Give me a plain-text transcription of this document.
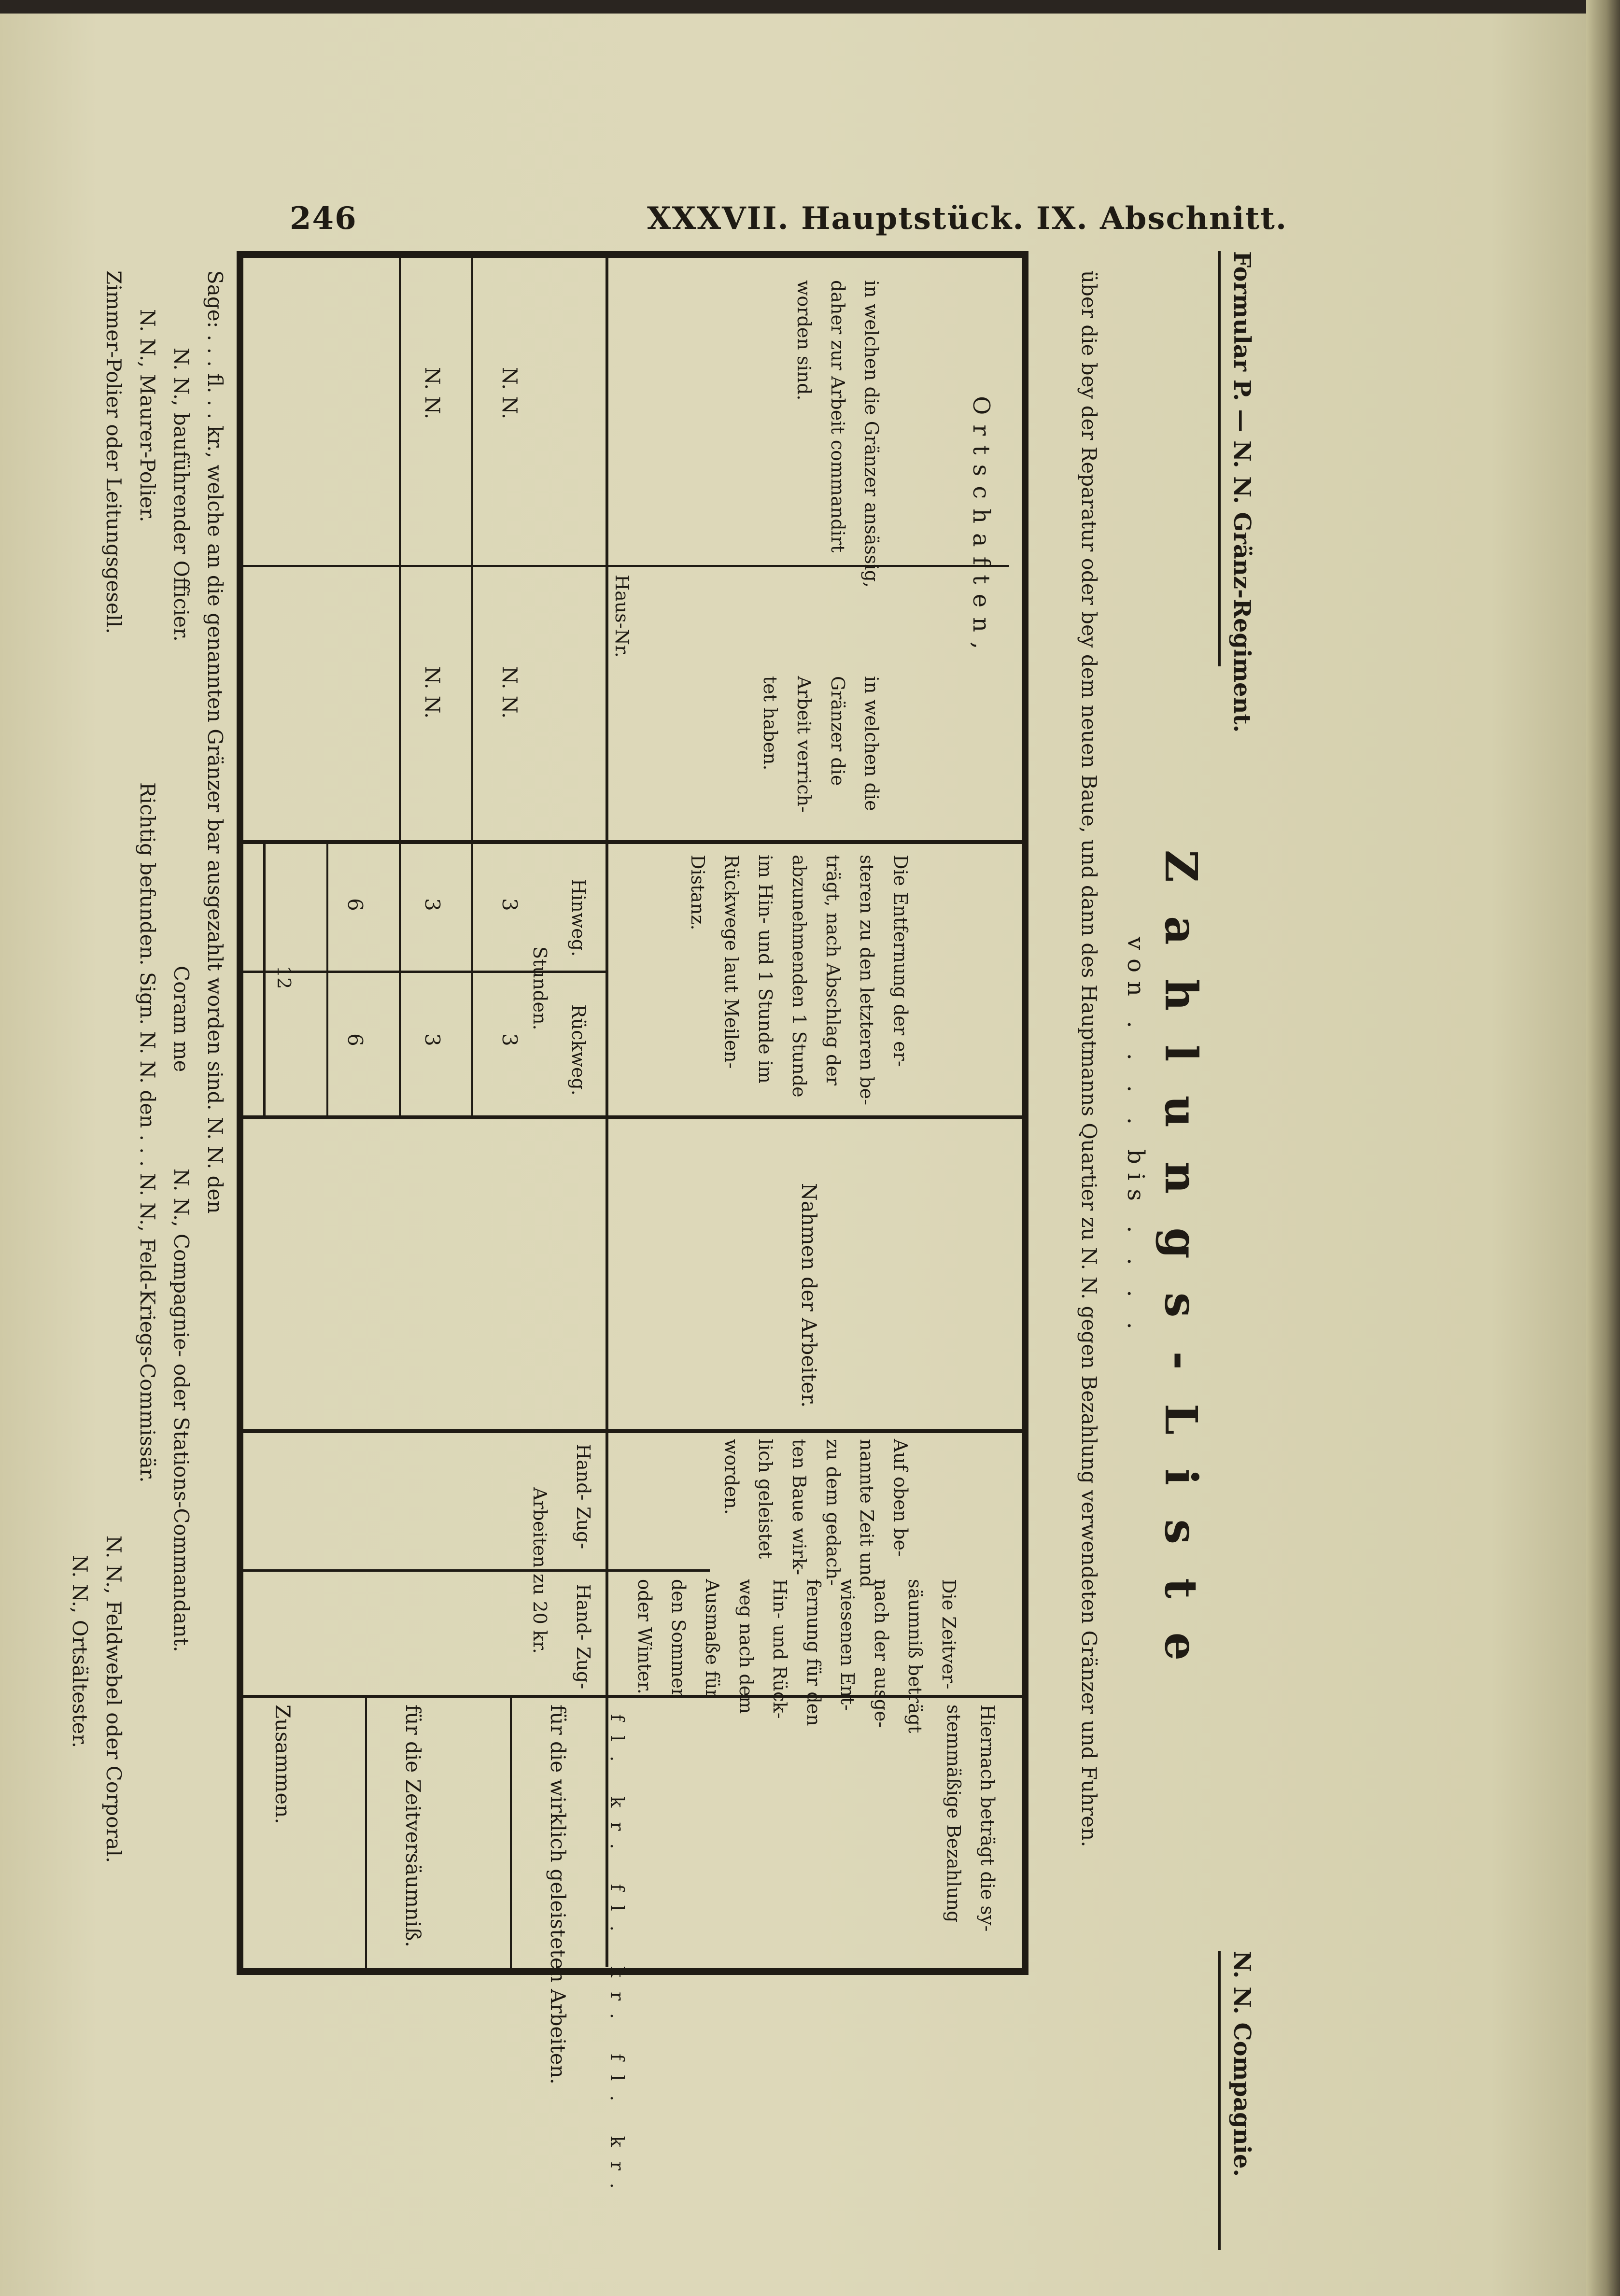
246	XXXVII. Hauptstück. IX. Abschnitt.
Formular P. — N. N. Gränz-Regiment.
N. N. Compagnie.
Zahlungs-Liste
von . . . . bis . . . .
über die bey der Reparatur oder bey dem neuen Baue, und dann des Hauptmanns Quartier zu N. N. gegen Bezahlung verwendeten Gränzer und Fuhren.
Ortschaften,
in welchen die Gränzer ansässig,
daher zur Arbeit commandirt
worden sind.
Haus-Nr.
in welchen die
Gränzer die
Arbeit verrich-
tet haben.
Die Entfernung der er-
steren zu den letzteren be-
trägt, nach Abschlag der
abzunehmenden 1 Stunde
im Hin- und 1 Stunde im
Rückwege laut Meilen-
Distanz.
Hinweg.
Rückweg.
Stunden.
Nahmen der Arbeiter.
Auf oben be-
nannte Zeit und
zu dem gedach-
ten Baue wirk-
lich geleistet
worden.
Die Zeitver-
säumniß beträgt
nach der ausge-
wiesenen Ent-
fernung für den
Hin- und Rück-
weg nach dem
Ausmaße für
den Sommer
oder Winter.
Hand-
Zug-
Hand-
Zug-
Arbeiten zu 20 kr.
Hiernach beträgt die sy-
stemmäßige Bezahlung
für die wirklich geleisteten Arbeiten.
für die Zeitversäumniß.
Zusammen.	fl. kr. fl. kr. fl. kr.
N. N.
N. N.
3
3
N. N.
N. N.
3
3
6
6
12
Sage: . . . fl. . . kr., welche an die genannten Gränzer bar ausgezahlt worden sind. N. N. den
N. N., bauführender Officier.
Coram me
N. N., Compagnie- oder Stations-Commandant.
N. N., Maurer-Polier.
Richtig befunden. Sign. N. N. den . . . N. N., Feld-Kriegs-Commissär.
Zimmer-Polier oder Leitungsgesell.
N. N., Feldwebel oder Corporal.
N. N., Ortsältester.
